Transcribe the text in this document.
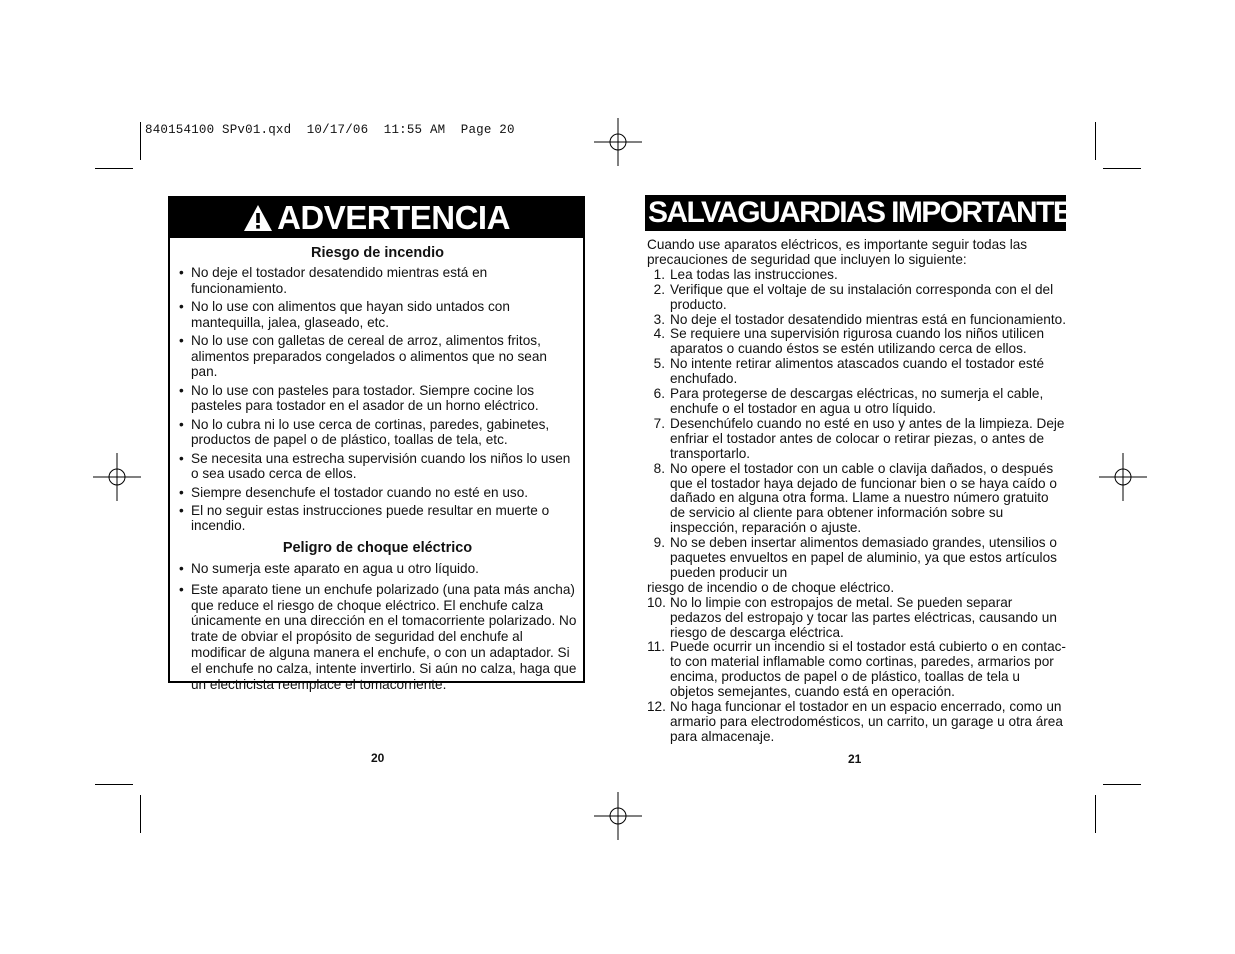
840154100 SPv01.qxd  10/17/06  11:55 AM  Page 20
ADVERTENCIA
Riesgo de incendio
• No deje el tostador desatendido mientras está en funcionamiento.
• No lo use con alimentos que hayan sido untados con mantequilla, jalea, glaseado, etc.
• No lo use con galletas de cereal de arroz, alimentos fritos, alimentos preparados congelados o alimentos que no sean pan.
• No lo use con pasteles para tostador. Siempre cocine los pasteles para tostador en el asador de un horno eléctrico.
• No lo cubra ni lo use cerca de cortinas, paredes, gabinetes, productos de papel o de plástico, toallas de tela, etc.
• Se necesita una estrecha supervisión cuando los niños lo usen o sea usado cerca de ellos.
• Siempre desenchufe el tostador cuando no esté en uso.
• El no seguir estas instrucciones puede resultar en muerte o incendio.
Peligro de choque eléctrico
• No sumerja este aparato en agua u otro líquido.
• Este aparato tiene un enchufe polarizado (una pata más ancha) que reduce el riesgo de choque eléctrico. El enchufe calza únicamente en una dirección en el tomacorriente polarizado. No trate de obviar el propósito de seguridad del enchufe al modificar de alguna manera el enchufe, o con un adaptador. Si el enchufe no calza, intente invertirlo. Si aún no calza, haga que un electricista reemplace el tomacorriente.
20
SALVAGUARDIAS IMPORTANTES

Cuando use aparatos eléctricos, es importante seguir todas las precauciones de seguridad que incluyen lo siguiente:

1. Lea todas las instrucciones.
2. Verifique que el voltaje de su instalación corresponda con el del producto.
3. No deje el tostador desatendido mientras está en funcionamiento.
4. Se requiere una supervisión rigurosa cuando los niños utilicen aparatos o cuando éstos se estén utilizando cerca de ellos.
5. No intente retirar alimentos atascados cuando el tostador esté enchufado.
6. Para protegerse de descargas eléctricas, no sumerja el cable, enchufe o el tostador en agua u otro líquido.
7. Desenchúfelo cuando no esté en uso y antes de la limpieza. Deje enfriar el tostador antes de colocar o retirar piezas, o antes de transportarlo.
8. No opere el tostador con un cable o clavija dañados, o después que el tostador haya dejado de funcionar bien o se haya caído o dañado en alguna otra forma. Llame a nuestro número gratuito de servicio al cliente para obtener información sobre su inspección, reparación o ajuste.
9. No se deben insertar alimentos demasiado grandes, utensilios o paquetes envueltos en papel de aluminio, ya que estos artículos pueden producir un
riesgo de incendio o de choque eléctrico.
10. No lo limpie con estropajos de metal. Se pueden separar pedazos del estropajo y tocar las partes eléctricas, causando un riesgo de descarga eléctrica.
11. Puede ocurrir un incendio si el tostador está cubierto o en contac-to con material inflamable como cortinas, paredes, armarios por encima, productos de papel o de plástico, toallas de tela u objetos semejantes, cuando está en operación.
12. No haga funcionar el tostador en un espacio encerrado, como un armario para electrodomésticos, un carrito, un garage u otra área para almacenaje.
21
